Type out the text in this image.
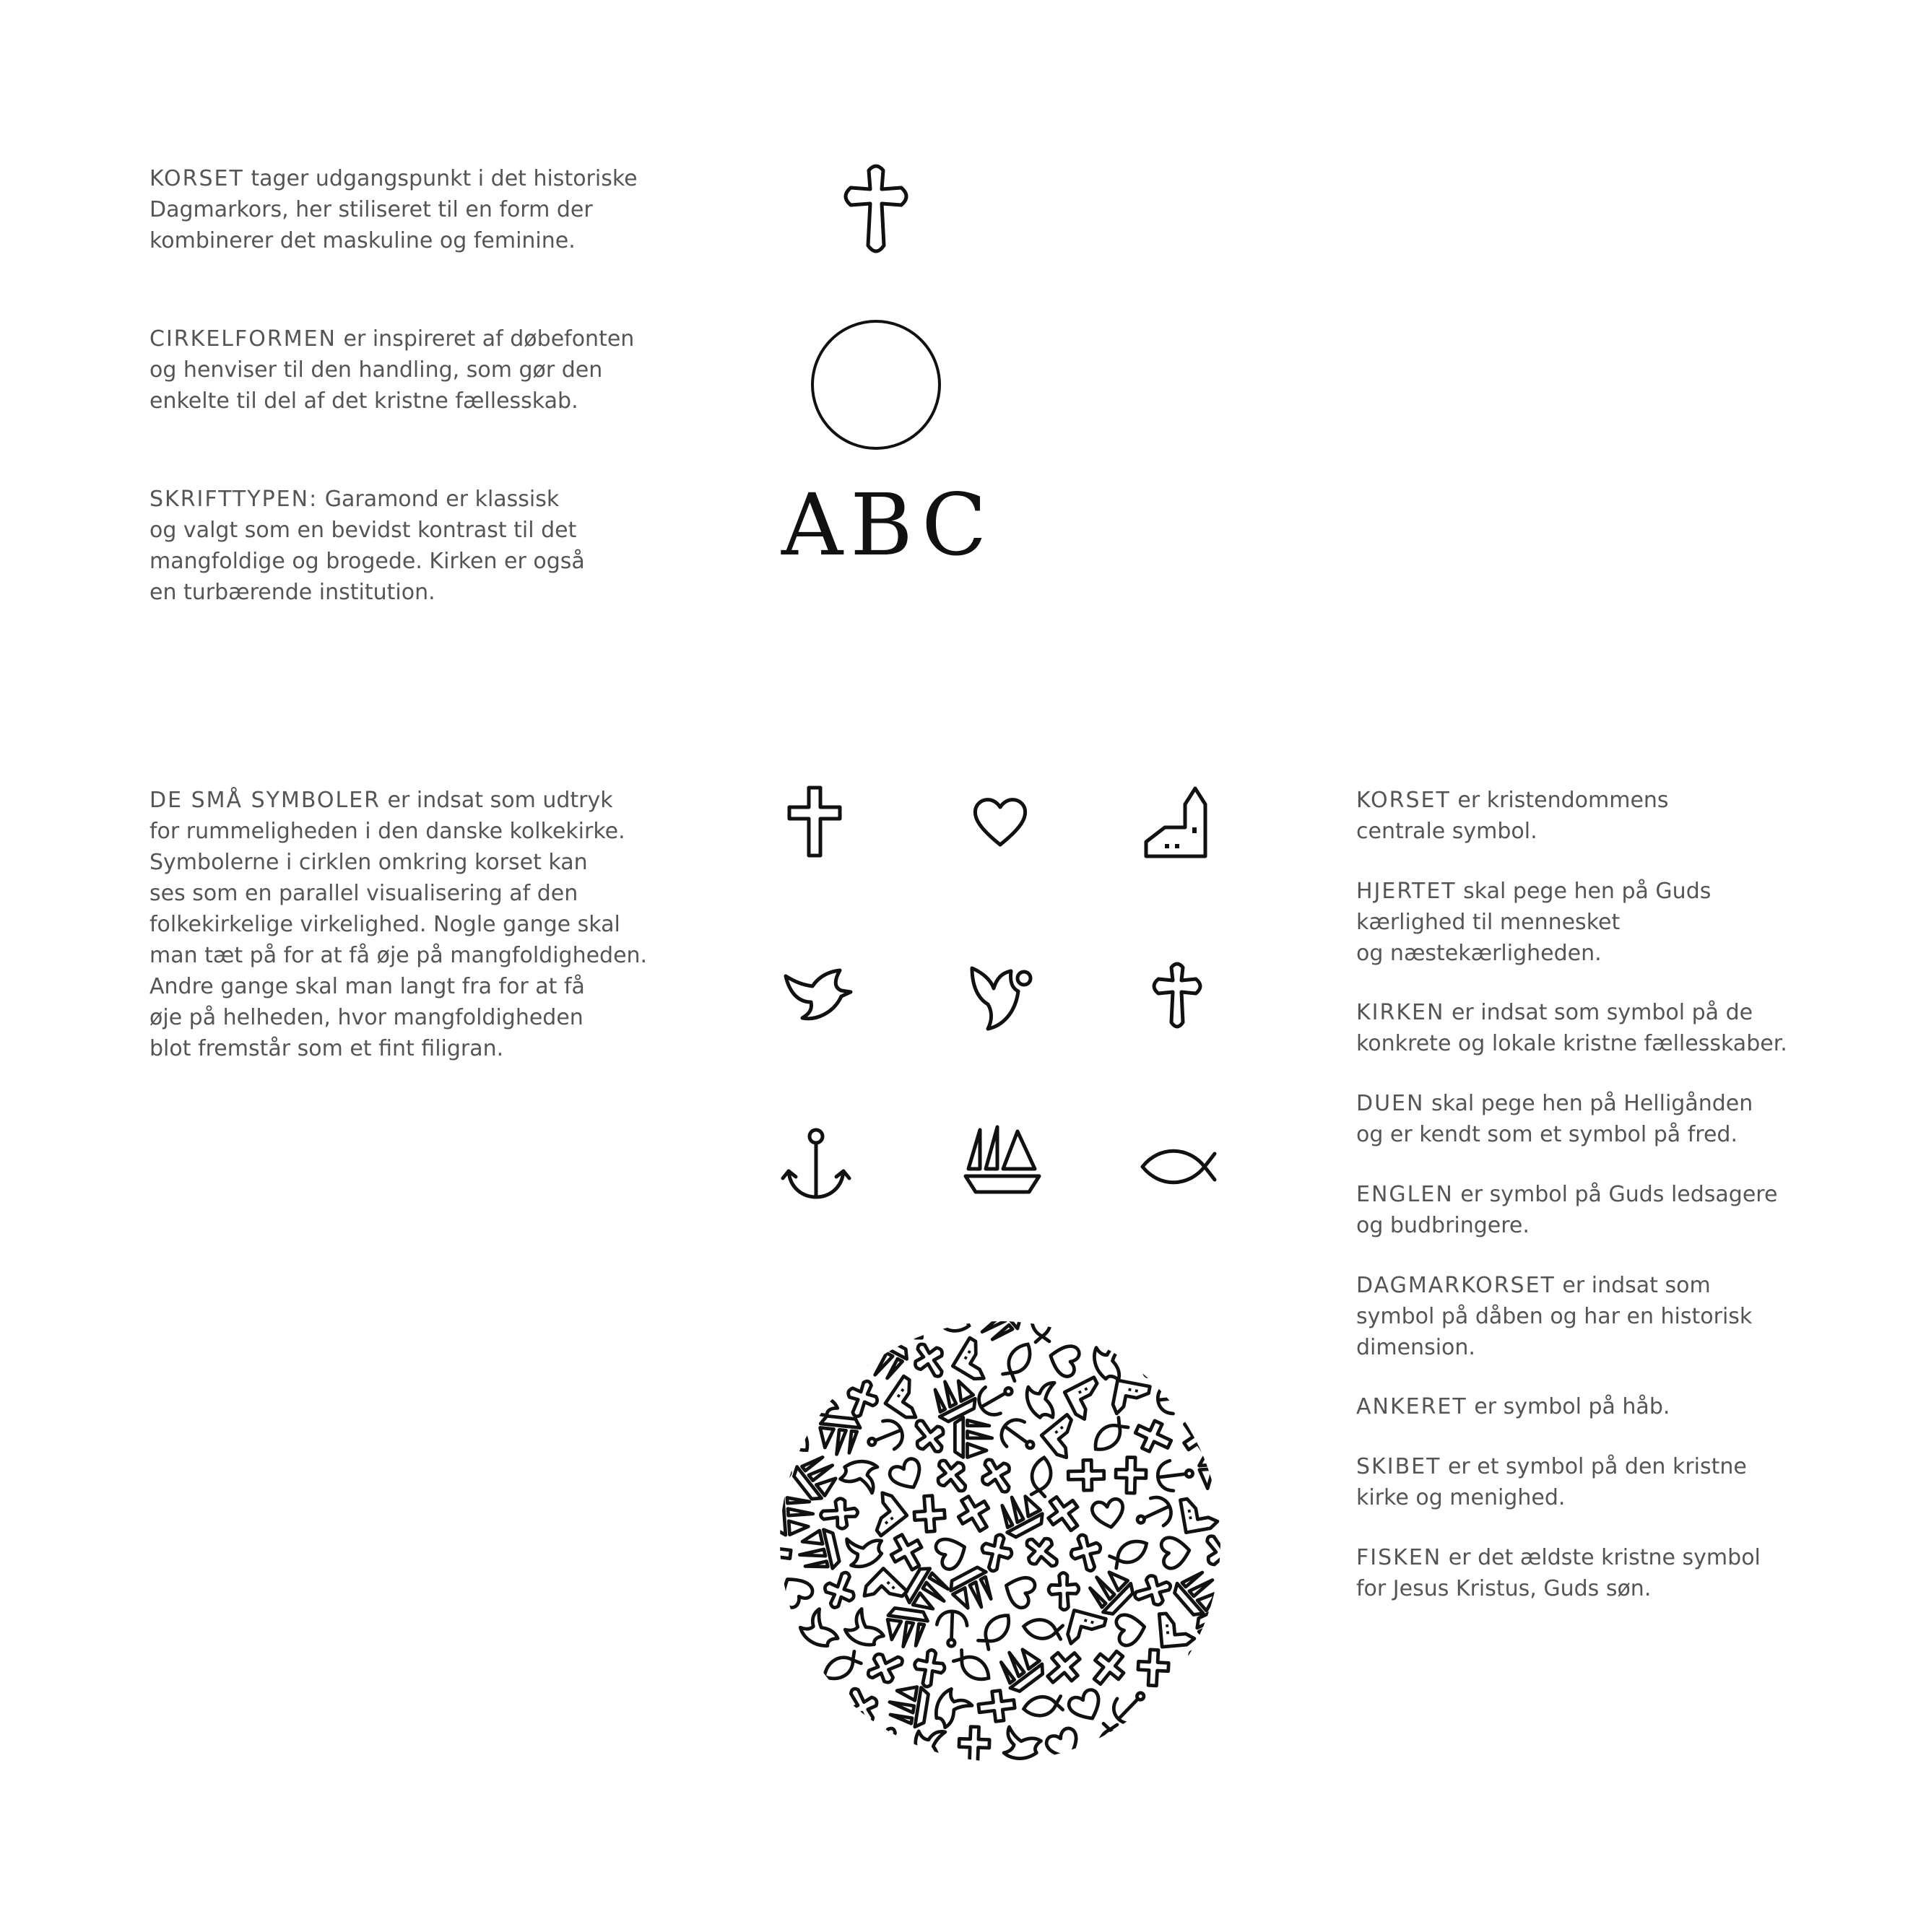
KORSET tager udgangspunkt i det historiske
Dagmarkors, her stiliseret til en form der
kombinerer det maskuline og feminine.

CIRKELFORMEN er inspireret af døbefonten
og henviser til den handling, som gør den
enkelte til del af det kristne fællesskab.

SKRIFTTYPEN: Garamond er klassisk
og valgt som en bevidst kontrast til det
mangfoldige og brogede. Kirken er også
en turbærende institution.

DE SMÅ SYMBOLER er indsat som udtryk
for rummeligheden i den danske kolkekirke.
Symbolerne i cirklen omkring korset kan
ses som en parallel visualisering af den
folkekirkelige virkelighed. Nogle gange skal
man tæt på for at få øje på mangfoldigheden.
Andre gange skal man langt fra for at få
øje på helheden, hvor mangfoldigheden
blot fremstår som et fint filigran.

ABC

KORSET er kristendommens
centrale symbol.

HJERTET skal pege hen på Guds
kærlighed til mennesket
og næstekærligheden.

KIRKEN er indsat som symbol på de
konkrete og lokale kristne fællesskaber.

DUEN skal pege hen på Helligånden
og er kendt som et symbol på fred.

ENGLEN er symbol på Guds ledsagere
og budbringere.

DAGMARKORSET er indsat som
symbol på dåben og har en historisk
dimension.

ANKERET er symbol på håb.

SKIBET er et symbol på den kristne
kirke og menighed.

FISKEN er det ældste kristne symbol
for Jesus Kristus, Guds søn.
